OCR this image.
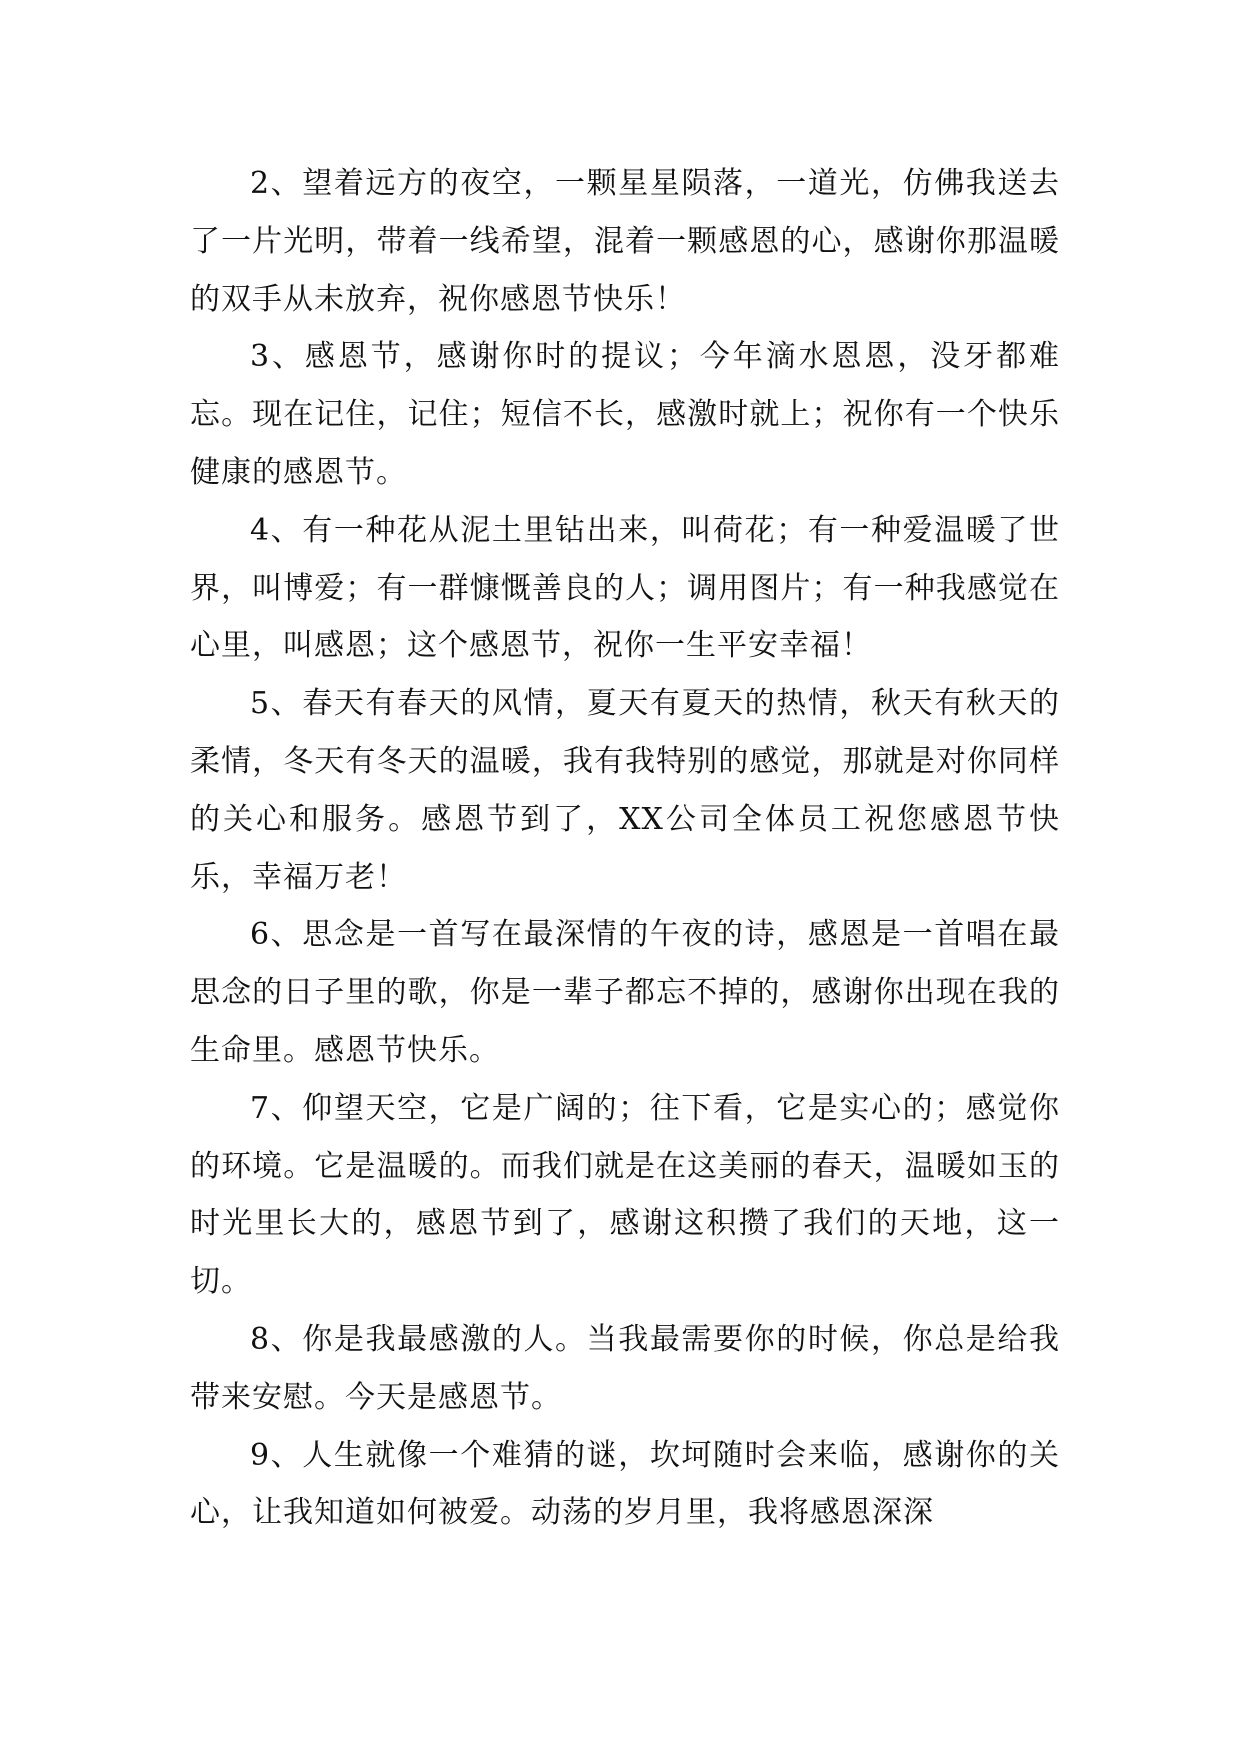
2、望着远方的夜空，一颗星星陨落，一道光，仿佛我送去了一片光明，带着一线希望，混着一颗感恩的心，感谢你那温暖的双手从未放弃，祝你感恩节快乐！

3、感恩节，感谢你时的提议；今年滴水恩恩，没牙都难忘。现在记住，记住；短信不长，感激时就上；祝你有一个快乐健康的感恩节。

4、有一种花从泥土里钻出来，叫荷花；有一种爱温暖了世界，叫博爱；有一群慷慨善良的人；调用图片；有一种我感觉在心里，叫感恩；这个感恩节，祝你一生平安幸福！

5、春天有春天的风情，夏天有夏天的热情，秋天有秋天的柔情，冬天有冬天的温暖，我有我特别的感觉，那就是对你同样的关心和服务。感恩节到了，XX公司全体员工祝您感恩节快乐，幸福万老！

6、思念是一首写在最深情的午夜的诗，感恩是一首唱在最思念的日子里的歌，你是一辈子都忘不掉的，感谢你出现在我的生命里。感恩节快乐。

7、仰望天空，它是广阔的；往下看，它是实心的；感觉你的环境。它是温暖的。而我们就是在这美丽的春天，温暖如玉的时光里长大的，感恩节到了，感谢这积攒了我们的天地，这一切。

8、你是我最感激的人。当我最需要你的时候，你总是给我带来安慰。今天是感恩节。

9、人生就像一个难猜的谜，坎坷随时会来临，感谢你的关心，让我知道如何被爱。动荡的岁月里，我将感恩深深
